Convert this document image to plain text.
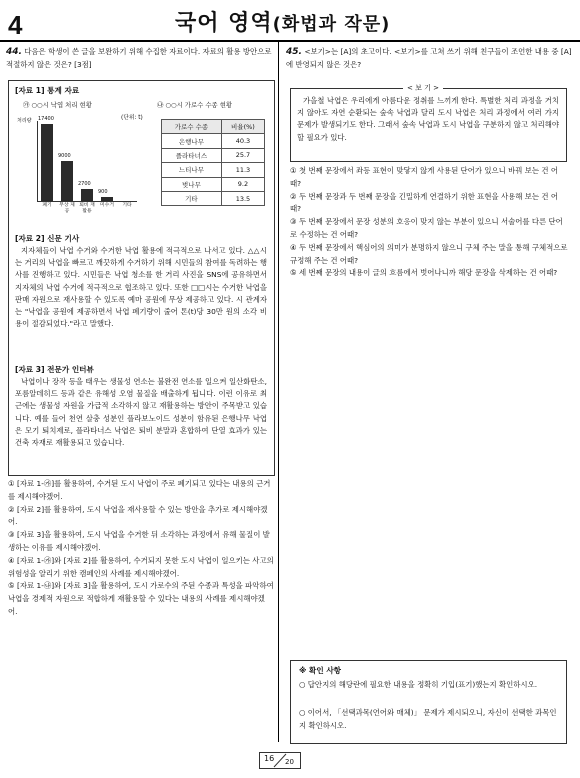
4	국어 영역(화법과 작문)
44. 다음은 학생이 쓴 글을 보완하기 위해 수집한 자료이다. 자료의 활용 방안으로 적절하지 않은 것은? [3점]
[자료 1] 통계 자료
㉮ ○○시 낙엽 처리 현황
(단위: t)
처리량 17400
9000
2700
900
폐기	무상 제공
퇴비 재활용
미수거	기타
㉯ ○○시 가로수 수종 현황
가로수 수종	비율(%)
은행나무	40.3
플라타너스	25.7
느티나무	11.3
벚나무	9.2
기타	13.5
[자료 2] 신문 기사
지자체들이 낙엽 수거와 수거한 낙엽 활용에 적극적으로 나서고 있다. △△시는 거리의 낙엽을 빠르고 깨끗하게 수거하기 위해 시민들의 참여를 독려하는 행사를 진행하고 있다. 시민들은 낙엽 청소를 한 거리 사진을 SNS에 공유하면서 지자체의 낙엽 수거에 적극적으로 협조하고 있다. 또한 □□시는 수거한 낙엽을 판매 자원으로 재사용할 수 있도록 예마 공원에 무상 제공하고 있다. 시 관계자는 "낙엽을 공원에 제공하면서 낙엽 폐기량이 줄어 톤(t)당 30만 원의 소각 비용이 절감되었다."라고 말했다.
[자료 3] 전문가 인터뷰
낙엽이나 장작 등을 태우는 생물성 연소는 불완전 연소를 일으켜 일산화탄소, 포름알데히드 등과 같은 유해성 오염 물질을 배출하게 됩니다. 이런 이유로 최근에는 생물성 자원을 가급적 소각하지 않고 재활용하는 방안이 주목받고 있습니다. 예를 들어 천연 살충 성분인 플라보노이드 성분이 함유된 은행나무 낙엽은 모기 퇴치제로, 플라타너스 낙엽은 퇴비 분말과 혼합하여 단열 효과가 있는 건축 자재로 재활용되고 있습니다.
① [자료 1-㉮]를 활용하여, 수거된 도시 낙엽이 주로 폐기되고 있다는 내용의 근거를 제시해야겠어.
② [자료 2]를 활용하여, 도시 낙엽을 재사용할 수 있는 방안을 추가로 제시해야겠어.
③ [자료 3]을 활용하여, 도시 낙엽을 수거한 뒤 소각하는 과정에서 유해 물질이 발생하는 이유를 제시해야겠어.
④ [자료 1-㉮]와 [자료 2]를 활용하여, 수거되지 못한 도시 낙엽이 일으키는 사고의 위험성을 알리기 위한 캠페인의 사례를 제시해야겠어.
⑤ [자료 1-㉯]와 [자료 3]을 활용하여, 도시 가로수의 주된 수종과 특성을 파악하여 낙엽을 경제적 자원으로 적합하게 재활용할 수 있다는 내용의 사례를 제시해야겠어.
45. <보기>는 [A]의 초고이다. <보기>를 고쳐 쓰기 위해 친구들이 조언한 내용 중 [A]에 반영되지 않은 것은?
< 보 기 >
가을철 낙엽은 우리에게 아름다운 정취를 느끼게 한다. 특별한 처리 과정을 거치지 않아도 자연 순환되는 숲속 낙엽과 달리 도시 낙엽은 처리 과정에서 여러 가지 문제가 발생되기도 한다. 그래서 숲속 낙엽과 도시 낙엽을 구분하지 않고 처리해야 할 필요가 있다.
① 첫 번째 문장에서 좌등 표현이 맞닿지 않게 사용된 단어가 있으니 바꿔 보는 건 어때?
② 두 번째 문장과 두 번째 문장을 긴밀하게 연결하기 위한 표현을 사용해 보는 건 어때?
③ 두 번째 문장에서 문장 성분의 호응이 맞지 않는 부분이 있으니 서술어를 다른 단어로 수정하는 건 어때?
④ 두 번째 문장에서 핵심어의 의미가 분명하지 않으니 구체 주는 말을 통해 구체적으로 규정해 주는 건 어때?
⑤ 세 번째 문장의 내용이 글의 흐름에서 벗어나니까 해당 문장을 삭제하는 건 어때?
※ 확인 사항
○ 답안지의 해당란에 필요한 내용을 정확히 기입(표기)했는지 확인하시오.
○ 이어서, 「선택과목(언어와 매체)」 문제가 제시되오니, 자신이 선택한 과목인지 확인하시오.
16 20
